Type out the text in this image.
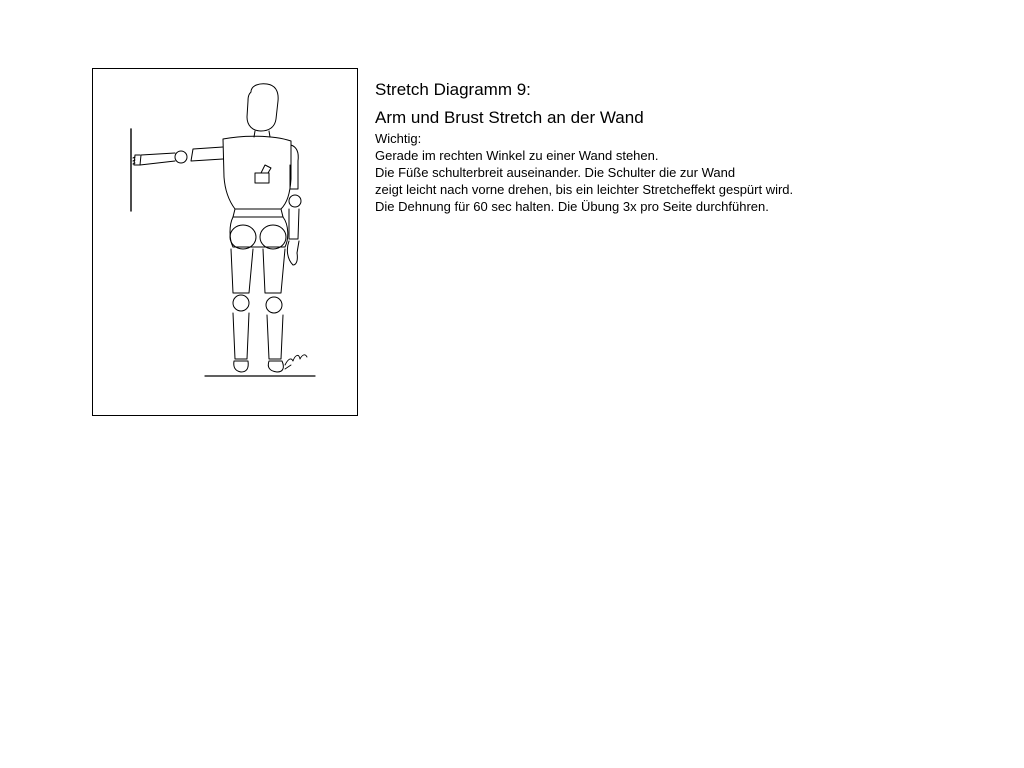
Stretch Diagramm 9:
Arm und Brust Stretch an der Wand
Wichtig:
Gerade im rechten Winkel zu einer Wand stehen.
Die Füße schulterbreit auseinander. Die Schulter die zur Wand
zeigt leicht nach vorne drehen, bis ein leichter Stretcheffekt gespürt wird.
Die Dehnung für 60 sec halten. Die Übung 3x pro Seite durchführen.
